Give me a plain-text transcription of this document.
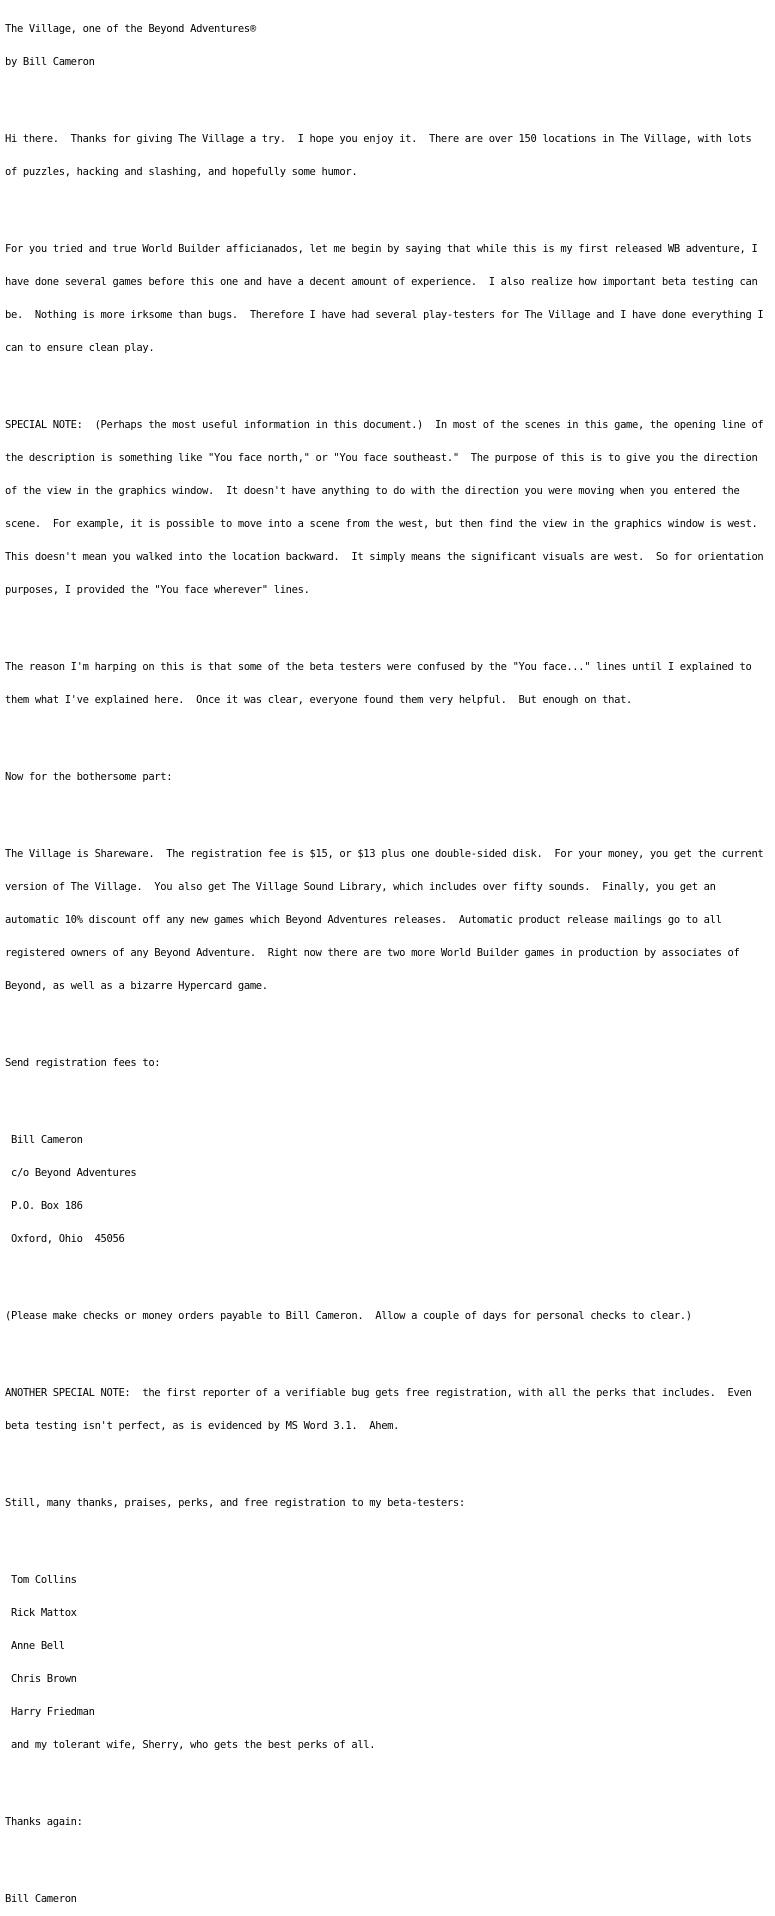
The Village, one of the Beyond Adventures®

by Bill Cameron

Hi there.  Thanks for giving The Village a try.  I hope you enjoy it.  There are over 150 locations in The Village, with lots

of puzzles, hacking and slashing, and hopefully some humor.

For you tried and true World Builder afficianados, let me begin by saying that while this is my first released WB adventure, I

have done several games before this one and have a decent amount of experience.  I also realize how important beta testing can

be.  Nothing is more irksome than bugs.  Therefore I have had several play-testers for The Village and I have done everything I

can to ensure clean play.

SPECIAL NOTE:  (Perhaps the most useful information in this document.)  In most of the scenes in this game, the opening line of

the description is something like "You face north," or "You face southeast."  The purpose of this is to give you the direction

of the view in the graphics window.  It doesn't have anything to do with the direction you were moving when you entered the

scene.  For example, it is possible to move into a scene from the west, but then find the view in the graphics window is west.

This doesn't mean you walked into the location backward.  It simply means the significant visuals are west.  So for orientation

purposes, I provided the "You face wherever" lines.

The reason I'm harping on this is that some of the beta testers were confused by the "You face..." lines until I explained to

them what I've explained here.  Once it was clear, everyone found them very helpful.  But enough on that.

Now for the bothersome part:

The Village is Shareware.  The registration fee is $15, or $13 plus one double-sided disk.  For your money, you get the current

version of The Village.  You also get The Village Sound Library, which includes over fifty sounds.  Finally, you get an

automatic 10% discount off any new games which Beyond Adventures releases.  Automatic product release mailings go to all

registered owners of any Beyond Adventure.  Right now there are two more World Builder games in production by associates of

Beyond, as well as a bizarre Hypercard game.

Send registration fees to:

Bill Cameron

c/o Beyond Adventures

P.O. Box 186

Oxford, Ohio  45056

(Please make checks or money orders payable to Bill Cameron.  Allow a couple of days for personal checks to clear.)

ANOTHER SPECIAL NOTE:  the first reporter of a verifiable bug gets free registration, with all the perks that includes.  Even

beta testing isn't perfect, as is evidenced by MS Word 3.1.  Ahem.

Still, many thanks, praises, perks, and free registration to my beta-testers:

Tom Collins

Rick Mattox

Anne Bell

Chris Brown

Harry Friedman

and my tolerant wife, Sherry, who gets the best perks of all.

Thanks again:

Bill Cameron
